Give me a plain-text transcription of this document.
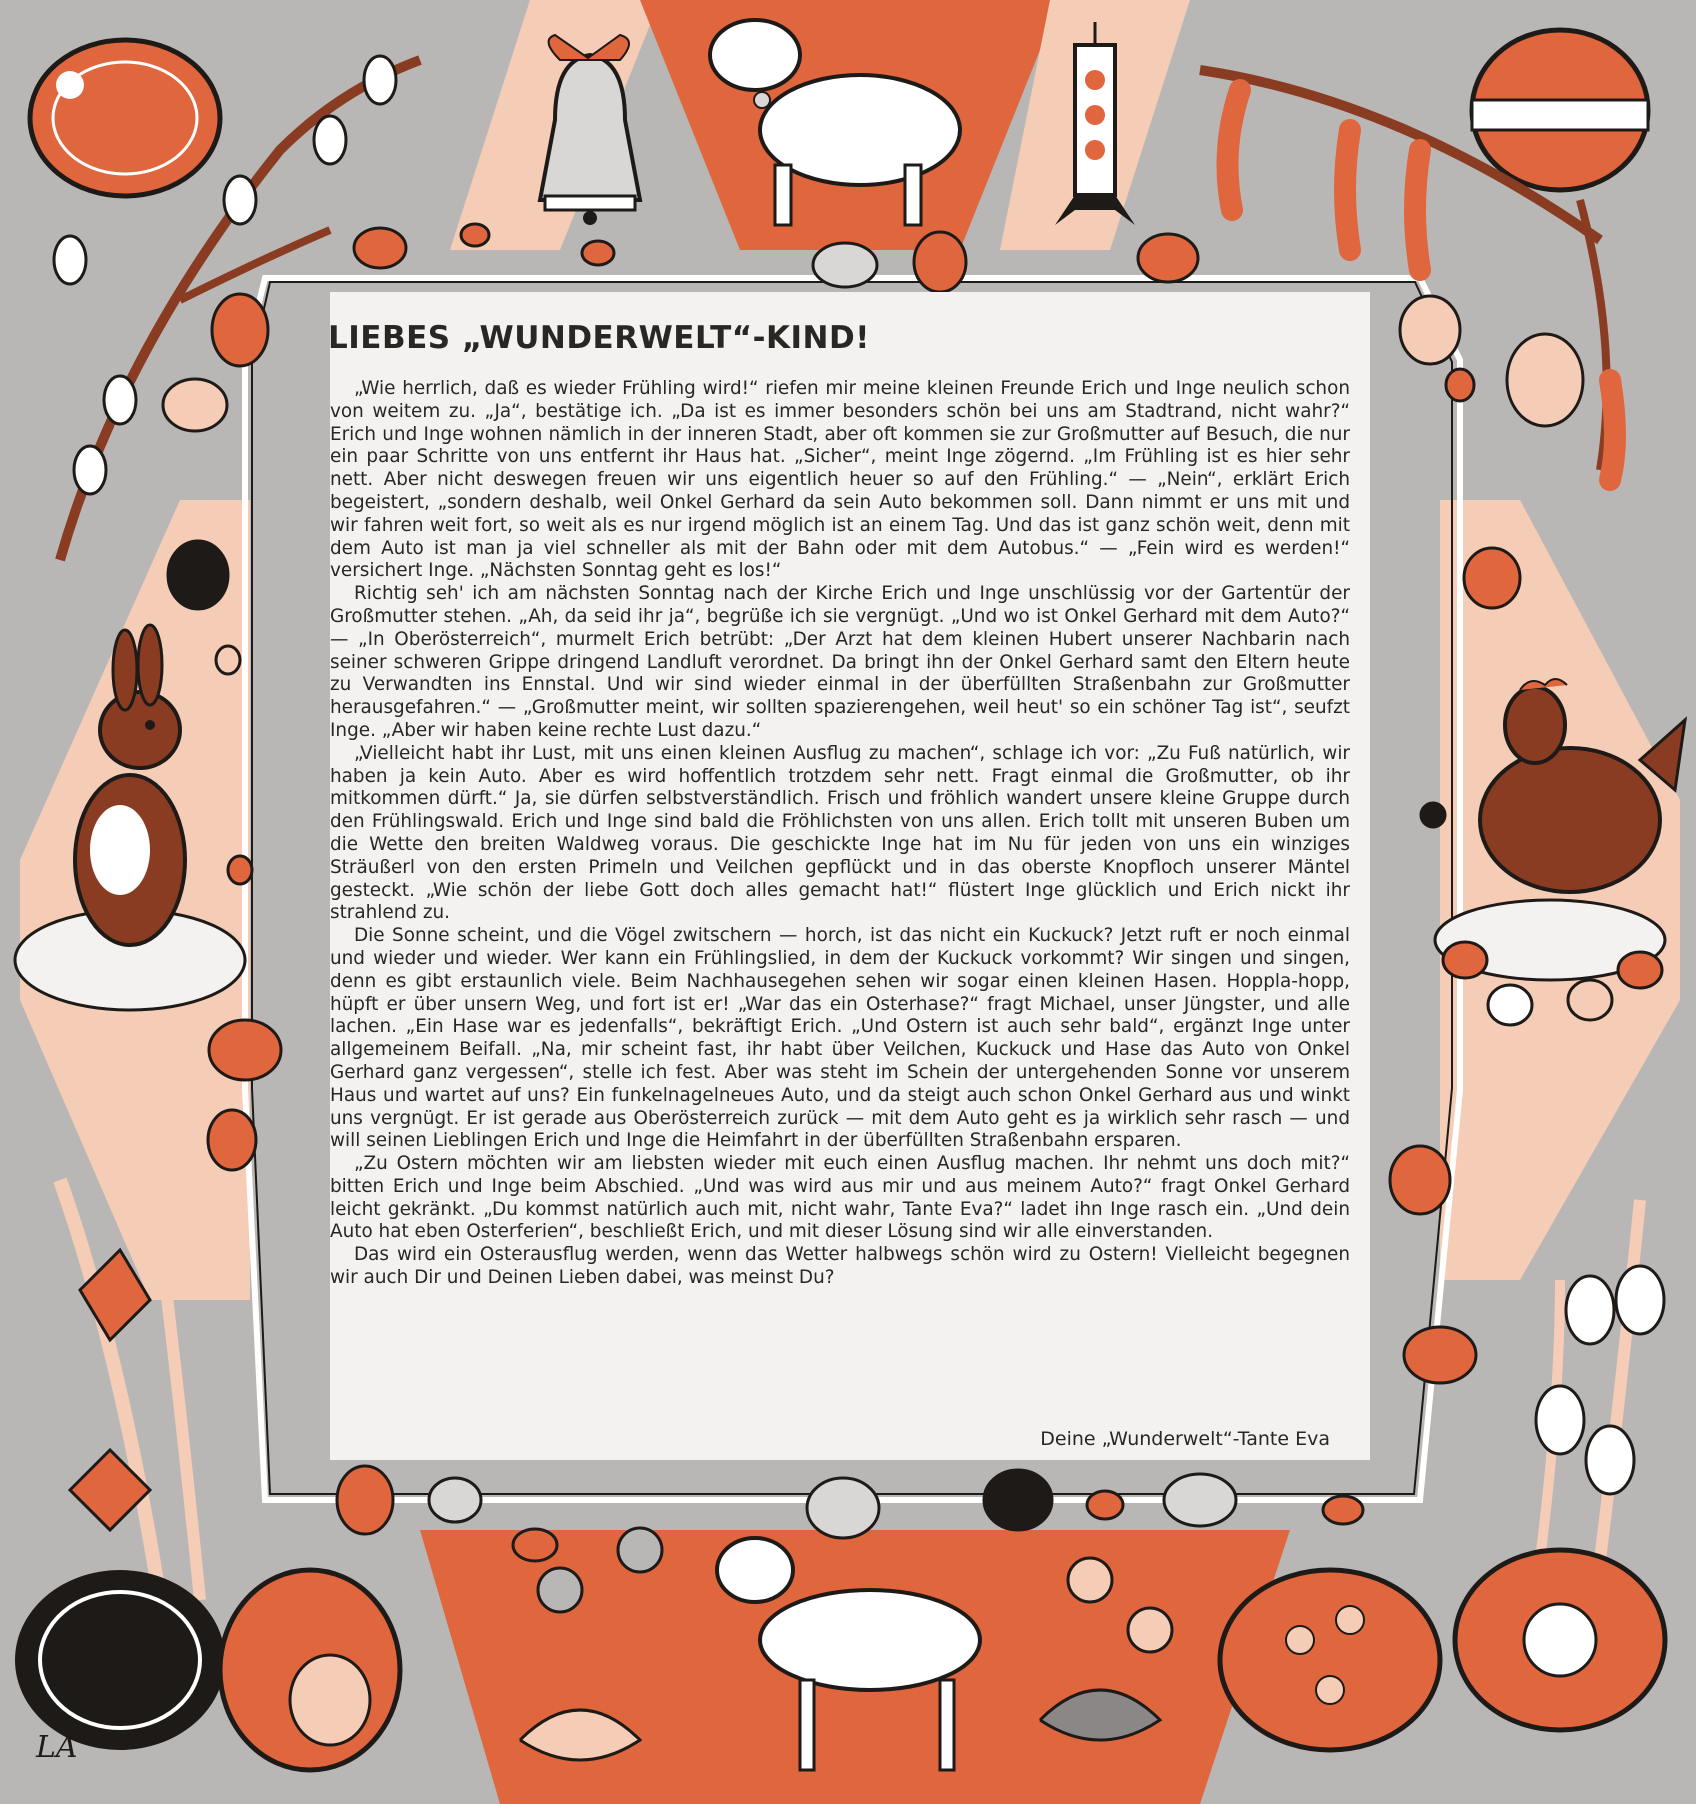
LIEBES „WUNDERWELT“-KIND!

„Wie herrlich, daß es wieder Frühling wird!“ riefen mir meine kleinen Freunde Erich und Inge neulich schon von weitem zu. „Ja“, bestätige ich. „Da ist es immer besonders schön bei uns am Stadtrand, nicht wahr?“ Erich und Inge wohnen nämlich in der inneren Stadt, aber oft kommen sie zur Großmutter auf Besuch, die nur ein paar Schritte von uns entfernt ihr Haus hat. „Sicher“, meint Inge zögernd. „Im Frühling ist es hier sehr nett. Aber nicht deswegen freuen wir uns eigentlich heuer so auf den Frühling.“ — „Nein“, erklärt Erich begeistert, „sondern deshalb, weil Onkel Gerhard da sein Auto bekommen soll. Dann nimmt er uns mit und wir fahren weit fort, so weit als es nur irgend möglich ist an einem Tag. Und das ist ganz schön weit, denn mit dem Auto ist man ja viel schneller als mit der Bahn oder mit dem Autobus.“ — „Fein wird es werden!“ versichert Inge. „Nächsten Sonntag geht es los!“

Richtig seh' ich am nächsten Sonntag nach der Kirche Erich und Inge unschlüssig vor der Gartentür der Großmutter stehen. „Ah, da seid ihr ja“, begrüße ich sie vergnügt. „Und wo ist Onkel Gerhard mit dem Auto?“ — „In Oberösterreich“, murmelt Erich betrübt: „Der Arzt hat dem kleinen Hubert unserer Nachbarin nach seiner schweren Grippe dringend Landluft verordnet. Da bringt ihn der Onkel Gerhard samt den Eltern heute zu Verwandten ins Ennstal. Und wir sind wieder einmal in der überfüllten Straßenbahn zur Großmutter herausgefahren.“ — „Großmutter meint, wir sollten spazierengehen, weil heut' so ein schöner Tag ist“, seufzt Inge. „Aber wir haben keine rechte Lust dazu.“

„Vielleicht habt ihr Lust, mit uns einen kleinen Ausflug zu machen“, schlage ich vor: „Zu Fuß natürlich, wir haben ja kein Auto. Aber es wird hoffentlich trotzdem sehr nett. Fragt einmal die Großmutter, ob ihr mitkommen dürft.“ Ja, sie dürfen selbstverständlich. Frisch und fröhlich wandert unsere kleine Gruppe durch den Frühlingswald. Erich und Inge sind bald die Fröhlichsten von uns allen. Erich tollt mit unseren Buben um die Wette den breiten Waldweg voraus. Die geschickte Inge hat im Nu für jeden von uns ein winziges Sträußerl von den ersten Primeln und Veilchen gepflückt und in das oberste Knopfloch unserer Mäntel gesteckt. „Wie schön der liebe Gott doch alles gemacht hat!“ flüstert Inge glücklich und Erich nickt ihr strahlend zu.

Die Sonne scheint, und die Vögel zwitschern — horch, ist das nicht ein Kuckuck? Jetzt ruft er noch einmal und wieder und wieder. Wer kann ein Frühlingslied, in dem der Kuckuck vorkommt? Wir singen und singen, denn es gibt erstaunlich viele. Beim Nachhausegehen sehen wir sogar einen kleinen Hasen. Hoppla-hopp, hüpft er über unsern Weg, und fort ist er! „War das ein Osterhase?“ fragt Michael, unser Jüngster, und alle lachen. „Ein Hase war es jedenfalls“, bekräftigt Erich. „Und Ostern ist auch sehr bald“, ergänzt Inge unter allgemeinem Beifall. „Na, mir scheint fast, ihr habt über Veilchen, Kuckuck und Hase das Auto von Onkel Gerhard ganz vergessen“, stelle ich fest. Aber was steht im Schein der untergehenden Sonne vor unserem Haus und wartet auf uns? Ein funkelnagelneues Auto, und da steigt auch schon Onkel Gerhard aus und winkt uns vergnügt. Er ist gerade aus Oberösterreich zurück — mit dem Auto geht es ja wirklich sehr rasch — und will seinen Lieblingen Erich und Inge die Heimfahrt in der überfüllten Straßenbahn ersparen.

„Zu Ostern möchten wir am liebsten wieder mit euch einen Ausflug machen. Ihr nehmt uns doch mit?“ bitten Erich und Inge beim Abschied. „Und was wird aus mir und aus meinem Auto?“ fragt Onkel Gerhard leicht gekränkt. „Du kommst natürlich auch mit, nicht wahr, Tante Eva?“ ladet ihn Inge rasch ein. „Und dein Auto hat eben Osterferien“, beschließt Erich, und mit dieser Lösung sind wir alle einverstanden.

Das wird ein Osterausflug werden, wenn das Wetter halbwegs schön wird zu Ostern! Vielleicht begegnen wir auch Dir und Deinen Lieben dabei, was meinst Du?

Deine „Wunderwelt“-Tante Eva
LA
